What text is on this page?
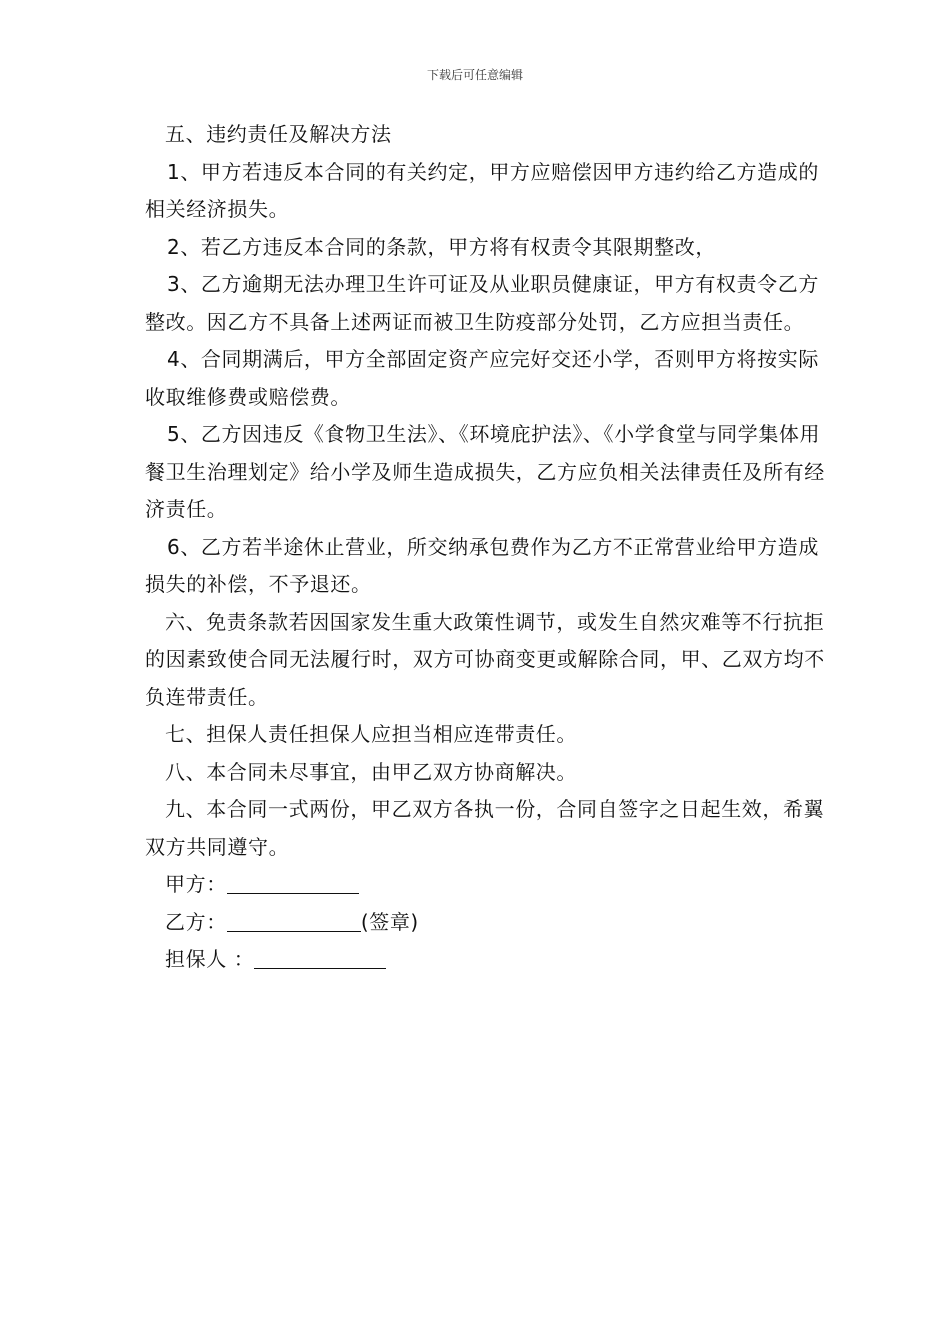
下载后可任意编辑

五、违约责任及解决方法

1、甲方若违反本合同的有关约定，甲方应赔偿因甲方违约给乙方造成的相关经济损失。

2、若乙方违反本合同的条款，甲方将有权责令其限期整改，

3、乙方逾期无法办理卫生许可证及从业职员健康证，甲方有权责令乙方整改。因乙方不具备上述两证而被卫生防疫部分处罚，乙方应担当责任。

4、合同期满后，甲方全部固定资产应完好交还小学，否则甲方将按实际收取维修费或赔偿费。

5、乙方因违反《食物卫生法》、《环境庇护法》、《小学食堂与同学集体用餐卫生治理划定》给小学及师生造成损失，乙方应负相关法律责任及所有经济责任。

6、乙方若半途休止营业，所交纳承包费作为乙方不正常营业给甲方造成损失的补偿，不予退还。

六、免责条款若因国家发生重大政策性调节，或发生自然灾难等不行抗拒的因素致使合同无法履行时，双方可协商变更或解除合同，甲、乙双方均不负连带责任。

七、担保人责任担保人应担当相应连带责任。

八、本合同未尽事宜，由甲乙双方协商解决。

九、本合同一式两份，甲乙双方各执一份，合同自签字之日起生效，希翼双方共同遵守。

甲方：

乙方：	(签章)

担保人 ：
